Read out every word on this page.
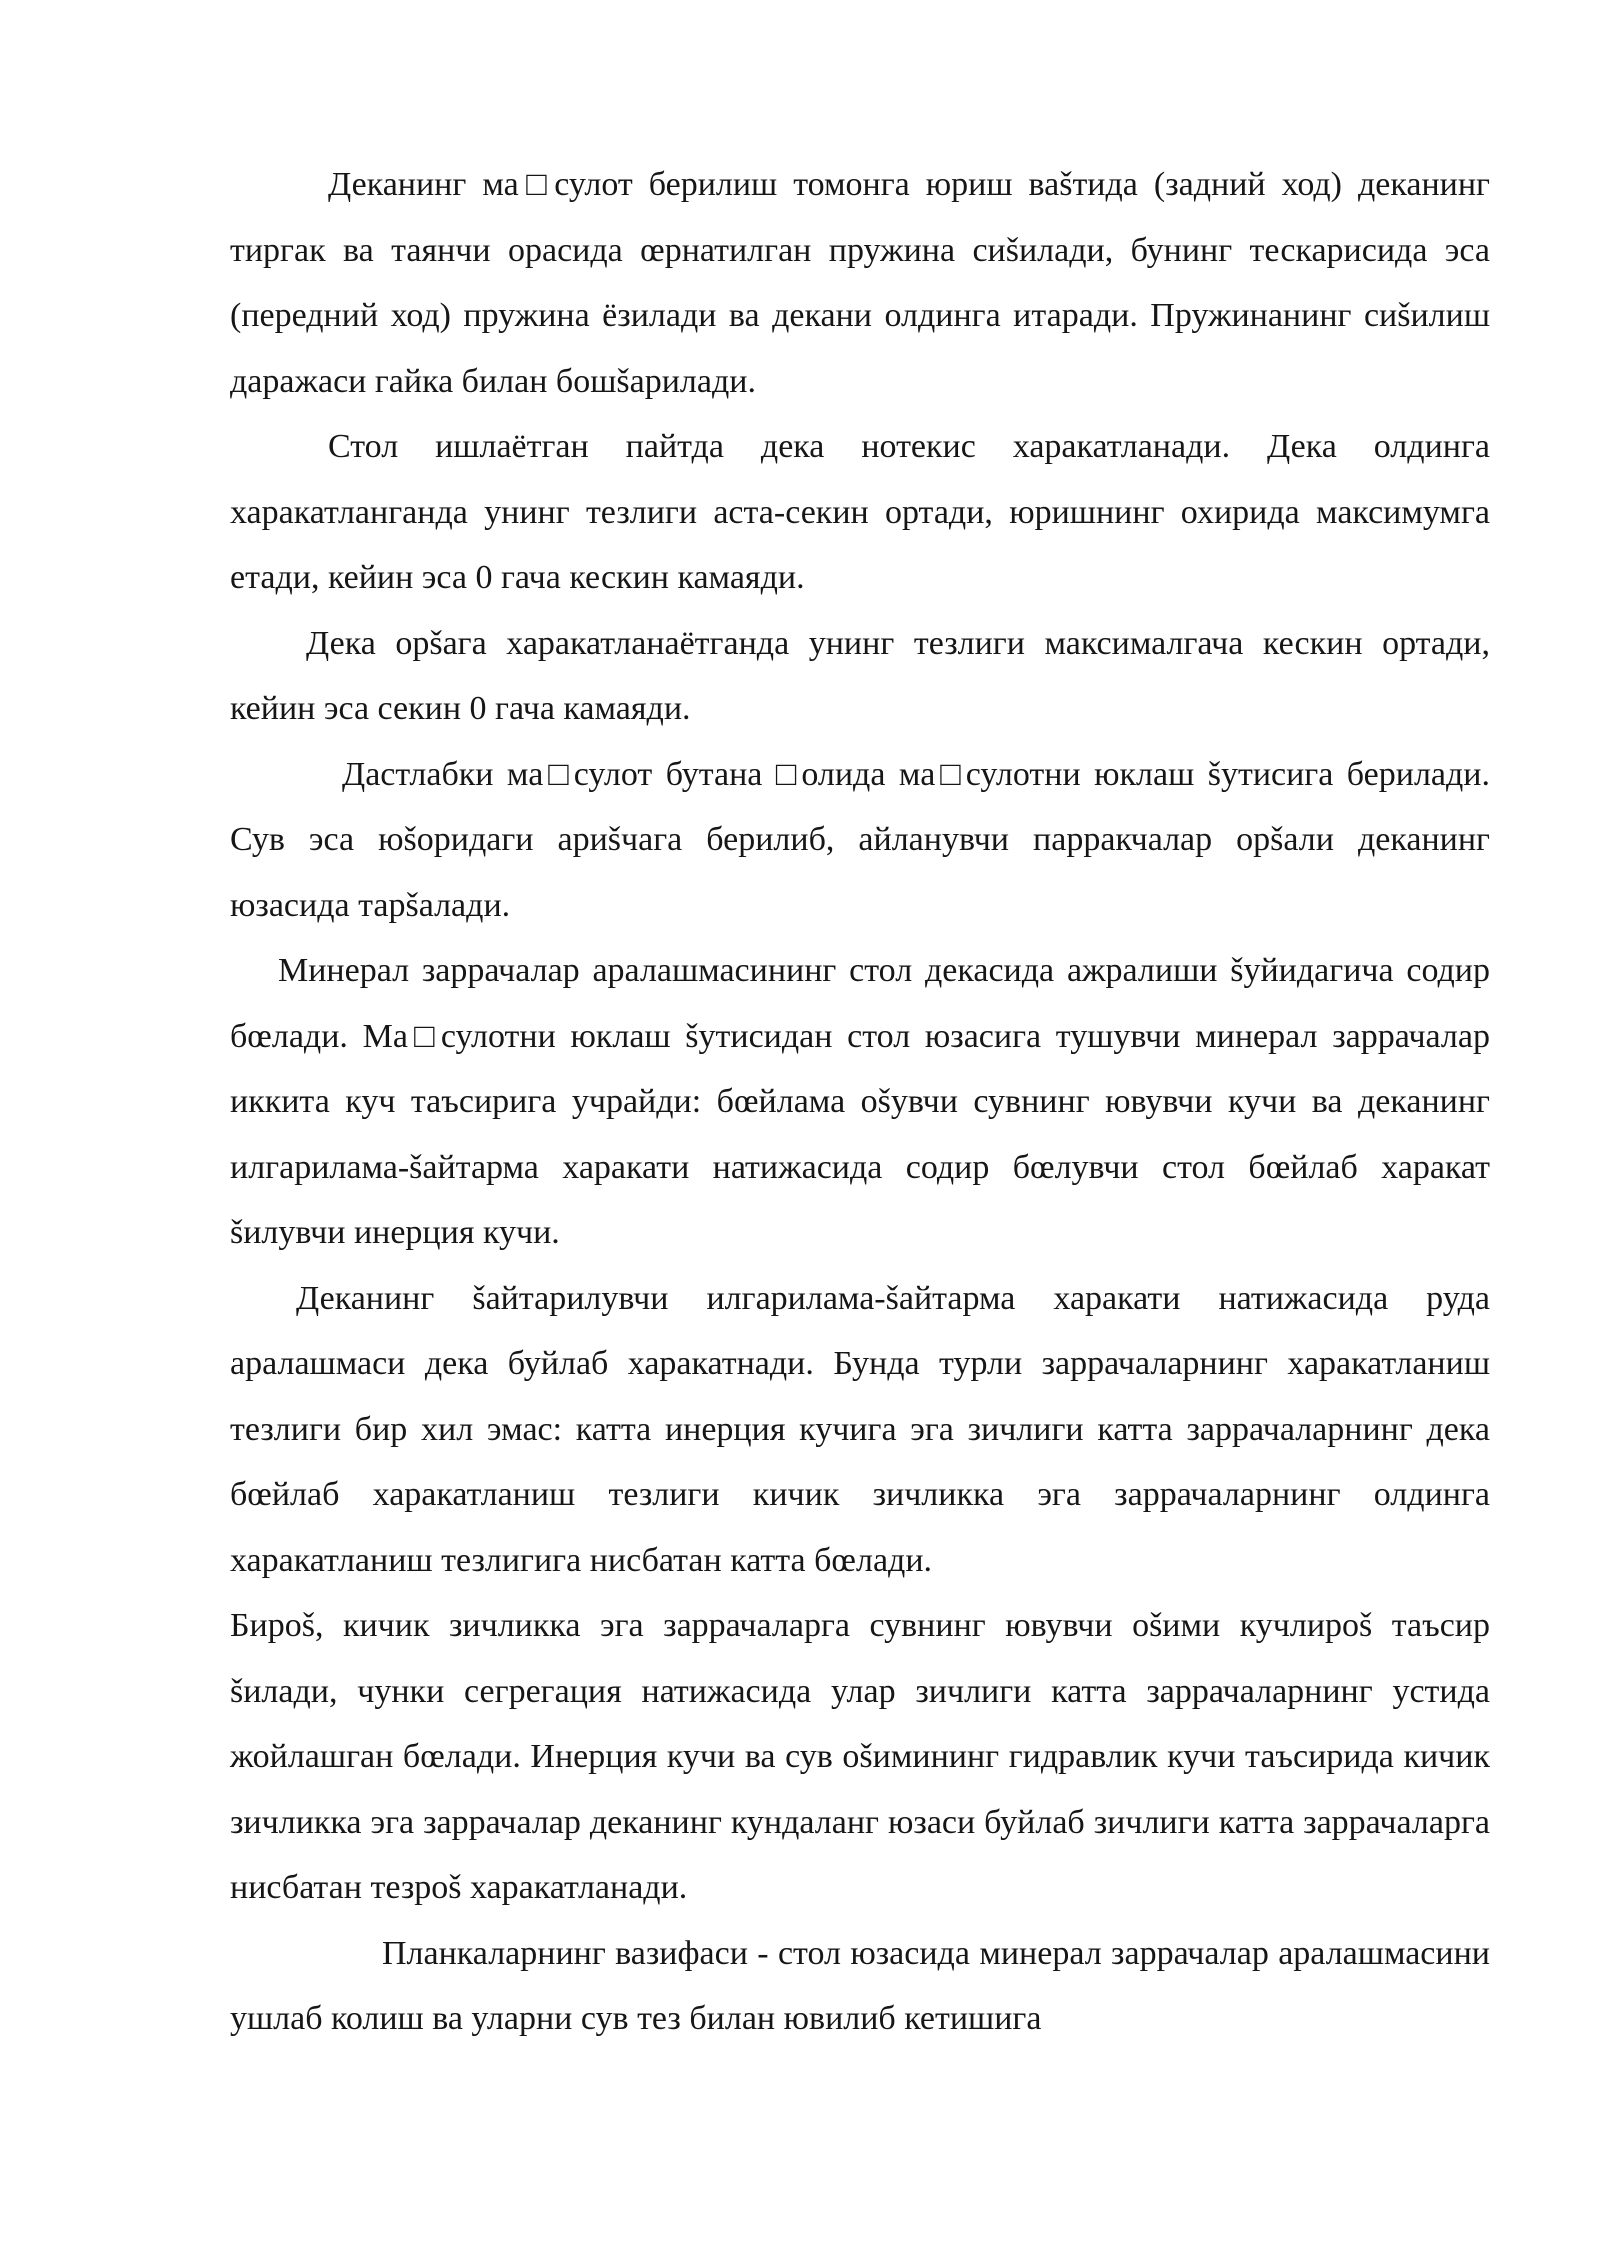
Деканинг ма□сулот берилиш томонга юриш ваšтида (задний ход) деканинг тиргак ва таянчи орасида œрнатилган пружина сиšилади, бунинг тескарисида эса (передний ход) пружина ёзилади ва декани олдинга итаради. Пружинанинг сиšилиш даражаси гайка билан бошšарилади.

Стол ишлаётган пайтда дека нотекис харакатланади. Дека олдинга харакатланганда унинг тезлиги аста-секин ортади, юришнинг охирида максимумга етади, кейин эса 0 гача кескин камаяди.

Дека орšага харакатланаётганда унинг тезлиги максималгача кескин ортади, кейин эса секин 0 гача камаяди.

Дастлабки ма□сулот бутана □олида ма□сулотни юклаш šутисига берилади. Сув эса юšоридаги ариšчага берилиб, айланувчи парракчалар орšали деканинг юзасида тарšалади.

Минерал заррачалар аралашмасининг стол декасида ажралиши šуйидагича содир бœлади. Ма□сулотни юклаш šутисидан стол юзасига тушувчи минерал заррачалар иккита куч таъсирига учрайди: бœйлама оšувчи сувнинг ювувчи кучи ва деканинг илгарилама-šайтарма харакати натижасида содир бœлувчи стол бœйлаб харакат šилувчи инерция кучи.

Деканинг šайтарилувчи илгарилама-šайтарма харакати натижасида руда аралашмаси дека буйлаб харакатнади. Бунда турли заррачаларнинг харакатланиш тезлиги бир хил эмас: катта инерция кучига эга зичлиги катта заррачаларнинг дека бœйлаб харакатланиш тезлиги кичик зичликка эга заррачаларнинг олдинга харакатланиш тезлигига нисбатан катта бœлади.

Бироš, кичик зичликка эга заррачаларга сувнинг ювувчи оšими кучлироš таъсир šилади, чунки сегрегация натижасида улар зичлиги катта заррачаларнинг устида жойлашган бœлади. Инерция кучи ва сув оšимининг гидравлик кучи таъсирида кичик зичликка эга заррачалар деканинг кундаланг юзаси буйлаб зичлиги катта заррачаларга нисбатан тезроš харакатланади.

Планкаларнинг вазифаси - стол юзасида минерал заррачалар аралашмасини ушлаб колиш ва уларни сув тез билан ювилиб кетишига
